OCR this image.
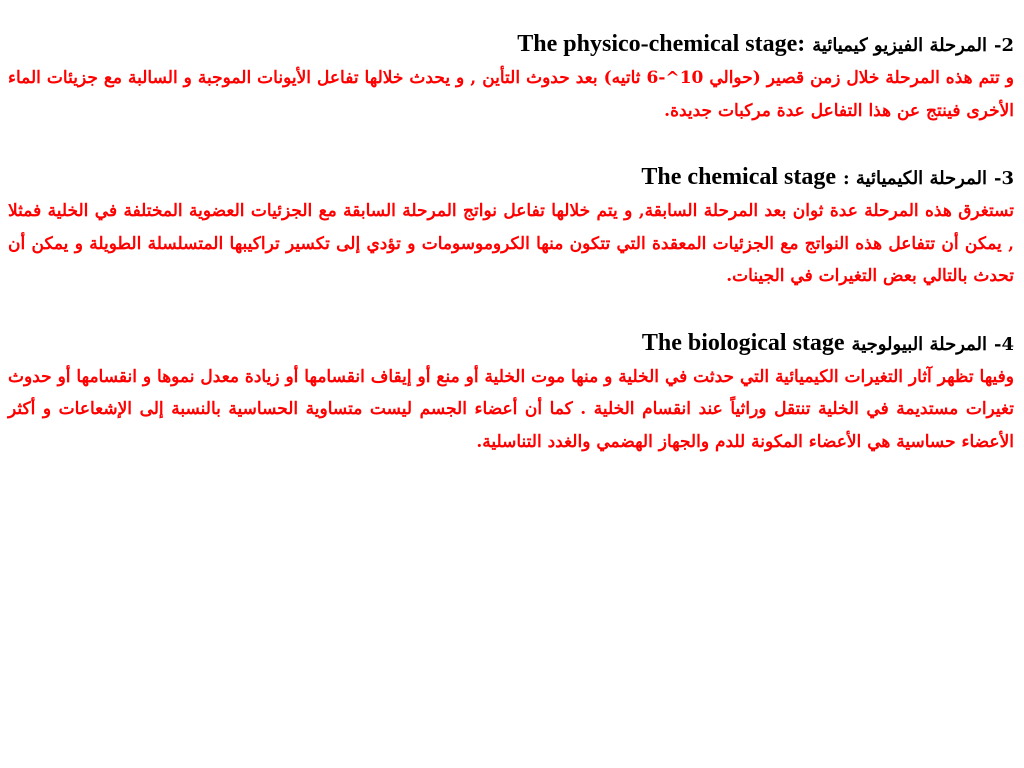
2- المرحلة الفيزيو كيميائية The physico-chemical stage:

و تتم هذه المرحلة خلال زمن قصير (حوالي 10^-6 ثاتيه) بعد حدوث التأين , و يحدث خلالها تفاعل الأيونات الموجبة و السالبة مع جزيئات الماء الأخرى فينتج عن هذا التفاعل عدة مركبات جديدة.

3- المرحلة الكيميائية : The chemical stage

تستغرق هذه المرحلة عدة ثوان بعد المرحلة السابقة, و يتم خلالها تفاعل نواتج المرحلة السابقة مع الجزئيات العضوية المختلفة في الخلية فمثلا , يمكن أن تتفاعل هذه النواتج مع الجزئيات المعقدة التي تتكون منها الكروموسومات و تؤدي إلى تكسير تراكيبها المتسلسلة الطويلة و يمكن أن تحدث بالتالي بعض التغيرات في الجينات.

4- المرحلة البيولوجية The biological stage

وفيها تظهر آثار التغيرات الكيميائية التي حدثت في الخلية و منها موت الخلية أو منع أو إيقاف انقسامها أو زيادة معدل نموها و انقسامها أو حدوث تغيرات مستديمة في الخلية تنتقل وراثياً عند انقسام الخلية . كما أن أعضاء الجسم ليست متساوية الحساسية بالنسبة إلى الإشعاعات و أكثر الأعضاء حساسية هي الأعضاء المكونة للدم والجهاز الهضمي والغدد التناسلية.
